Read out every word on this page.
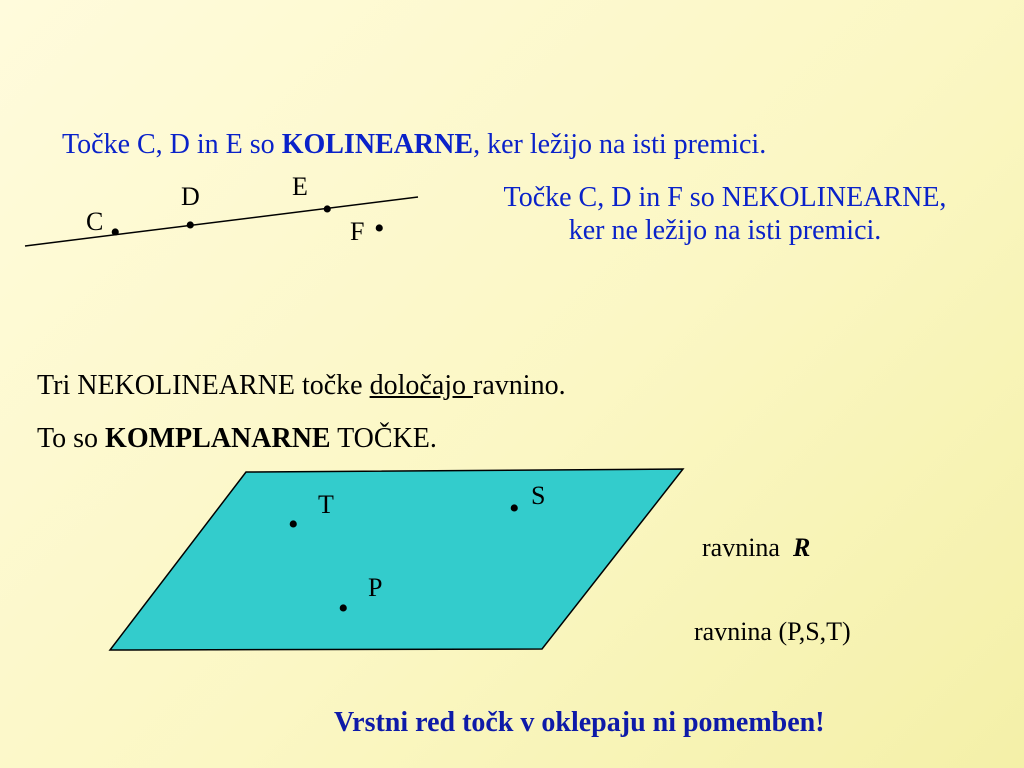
Točke C, D in E so KOLINEARNE, ker ležijo na isti premici.
C •
D
•
E
•
F •
Točke C, D in F so NEKOLINEARNE,
ker ne ležijo na isti premici.
Tri NEKOLINEARNE točke določajo ravnino.
To so KOMPLANARNE TOČKE.
•
T	• S
•
P
ravnina  R
ravnina (P,S,T)
Vrstni red točk v oklepaju ni pomemben!
